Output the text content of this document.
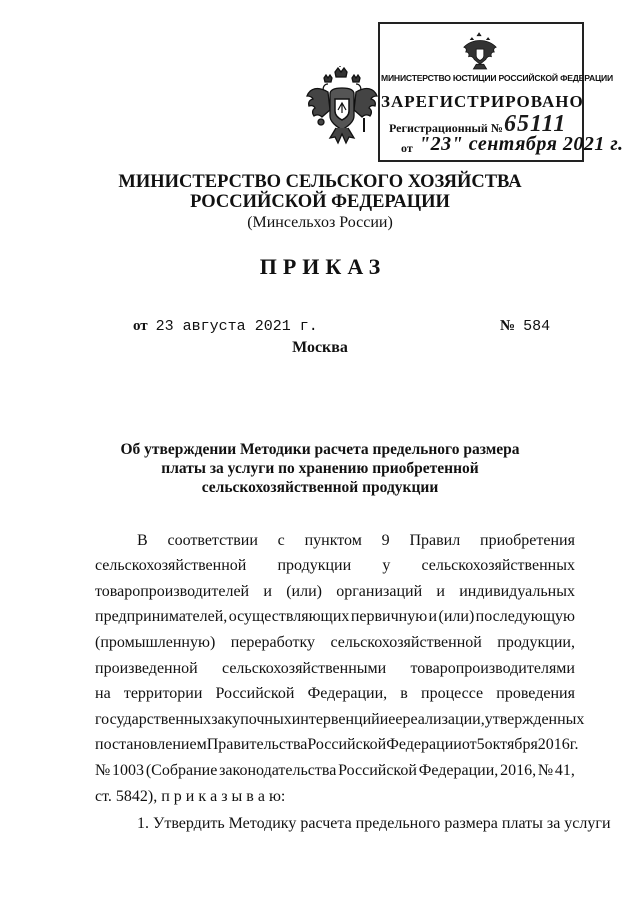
МИНИСТЕРСТВО ЮСТИЦИИ РОССИЙСКОЙ ФЕДЕРАЦИИ
ЗАРЕГИСТРИРОВАНО
Регистрационный № 65111
от "23" сентября 2021 г.
МИНИСТЕРСТВО СЕЛЬСКОГО ХОЗЯЙСТВА
РОССИЙСКОЙ ФЕДЕРАЦИИ
(Минсельхоз России)
ПРИКАЗ
от 23 августа 2021 г.	№ 584
Москва
Об утверждении Методики расчета предельного размера
платы за услуги по хранению приобретенной
сельскохозяйственной продукции
В соответствии с пунктом 9 Правил приобретения
сельскохозяйственной продукции у сельскохозяйственных
товаропроизводителей и (или) организаций и индивидуальных
предпринимателей, осуществляющих первичную и (или) последующую
(промышленную) переработку сельскохозяйственной продукции,
произведенной сельскохозяйственными товаропроизводителями
на территории Российской Федерации, в процессе проведения
государственных закупочных интервенций и ее реализации, утвержденных
постановлением Правительства Российской Федерации от 5 октября 2016 г.
№ 1003 (Собрание законодательства Российской Федерации, 2016, № 41,
ст. 5842), п р и к а з ы в а ю:
1. Утвердить Методику расчета предельного размера платы за услуги
